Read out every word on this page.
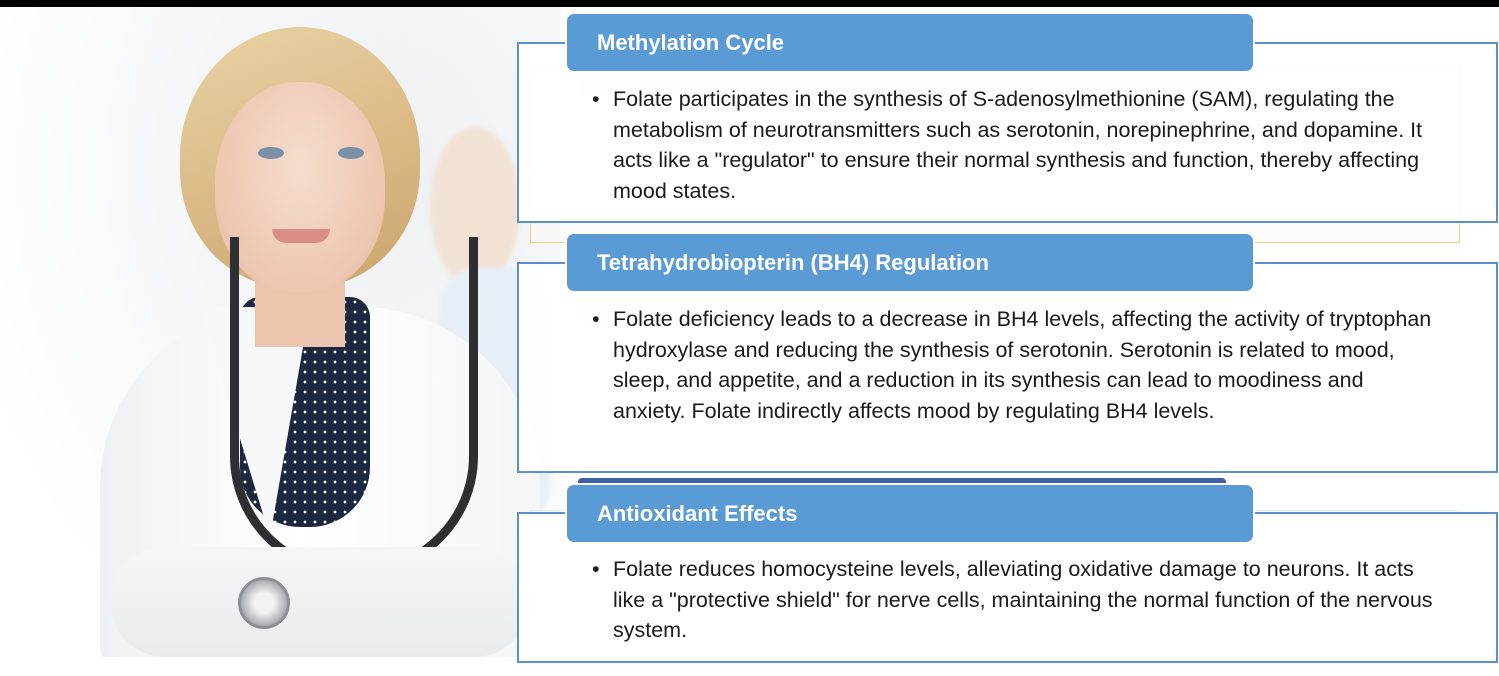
Methylation Cycle
• Folate participates in the synthesis of S-adenosylmethionine (SAM), regulating the metabolism of neurotransmitters such as serotonin, norepinephrine, and dopamine. It acts like a "regulator" to ensure their normal synthesis and function, thereby affecting mood states.
Tetrahydrobiopterin (BH4) Regulation
• Folate deficiency leads to a decrease in BH4 levels, affecting the activity of tryptophan hydroxylase and reducing the synthesis of serotonin. Serotonin is related to mood, sleep, and appetite, and a reduction in its synthesis can lead to moodiness and anxiety. Folate indirectly affects mood by regulating BH4 levels.
Antioxidant Effects
• Folate reduces homocysteine levels, alleviating oxidative damage to neurons. It acts like a "protective shield" for nerve cells, maintaining the normal function of the nervous system.
